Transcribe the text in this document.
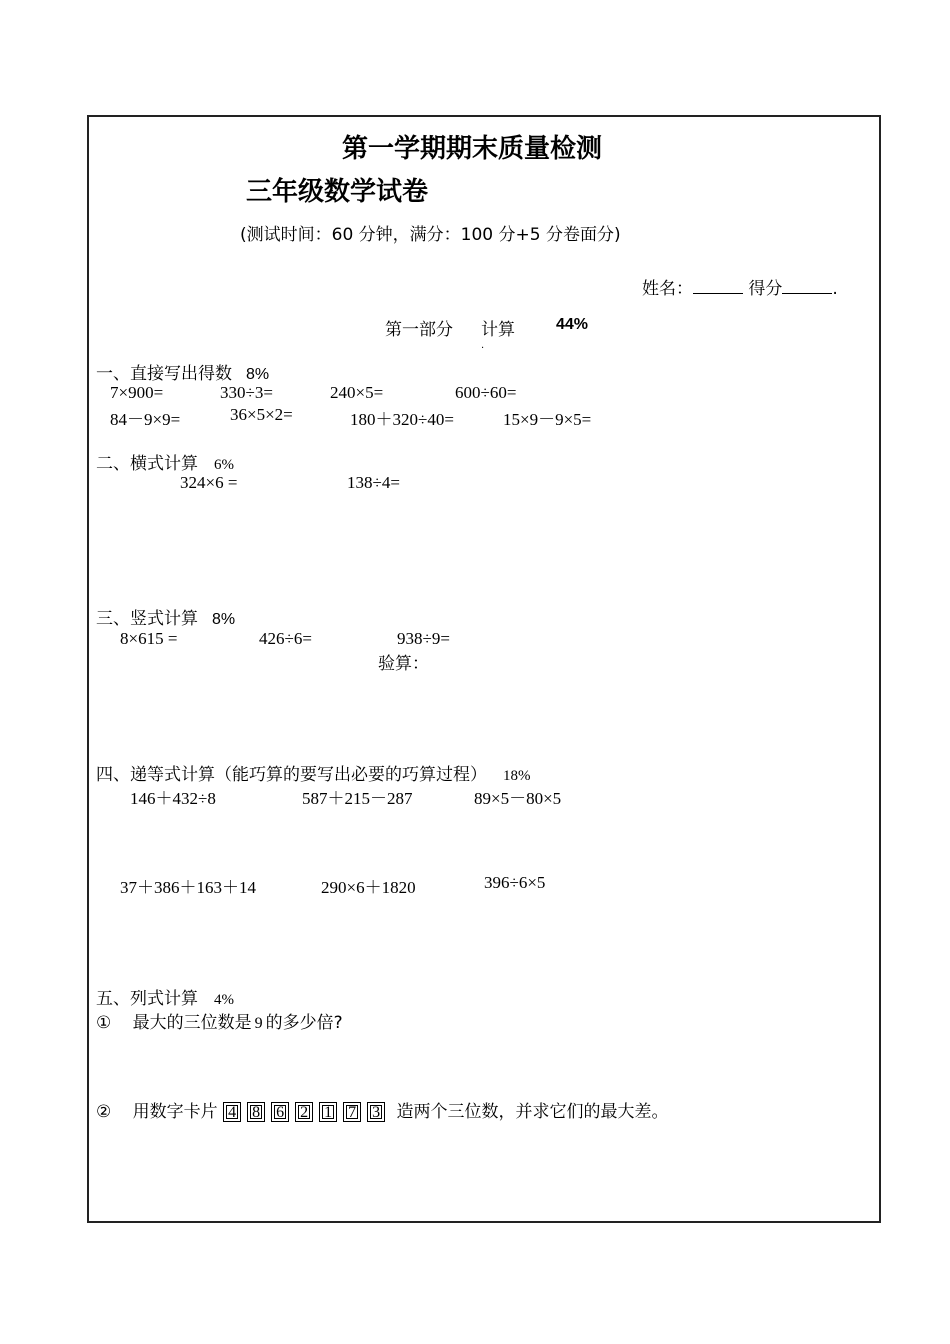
第一学期期末质量检测
三年级数学试卷
(测试时间：60 分钟，满分：100 分+5 分卷面分)
姓名：	得分	.
第一部分 计算	44%
.
一、直接写出得数 8%
7×900=	330÷3=	240×5=	600÷60=
84－9×9=	36×5×2=	180＋320÷40=	15×9－9×5=
二、横式计算 6%
324×6 =	138÷4=
三、竖式计算 8%
8×615 =	426÷6=	938÷9=
验算：
四、递等式计算（能巧算的要写出必要的巧算过程） 18%
146＋432÷8	587＋215－287	89×5－80×5
37＋386＋163＋14	290×6＋1820	396÷6×5
五、列式计算 4%
① 最大的三位数是 9 的多少倍?
② 用数字卡片 4 8 6 2 1 7 3 造两个三位数，并求它们的最大差。
